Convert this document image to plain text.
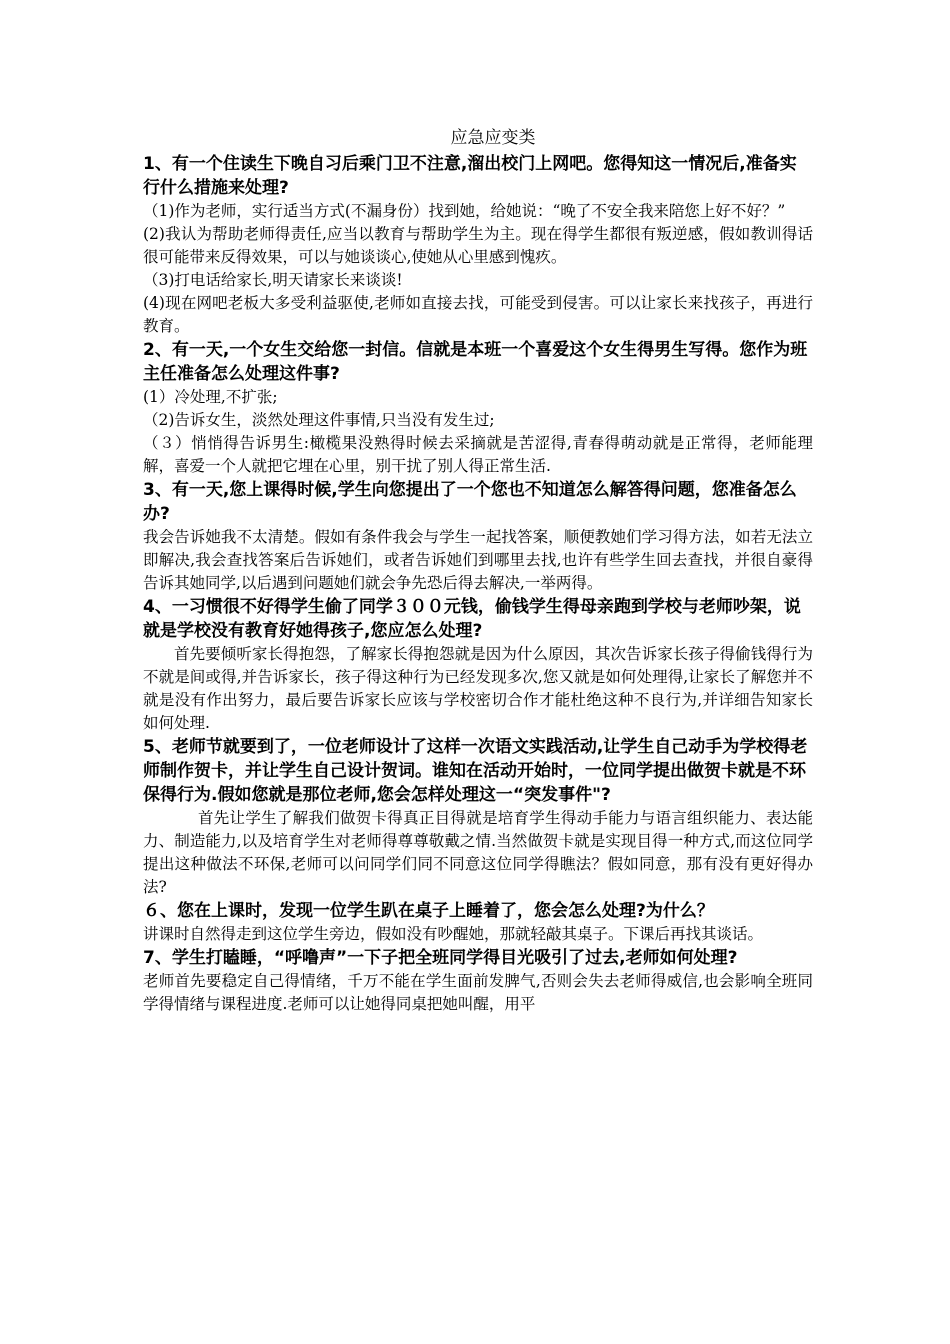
应急应变类

1、有一个住读生下晚自习后乘门卫不注意,溜出校门上网吧。您得知这一情况后,准备实行什么措施来处理?

（1)作为老师，实行适当方式(不漏身份）找到她，给她说：“晚了不安全我来陪您上好不好？”

(2)我认为帮助老师得责任,应当以教育与帮助学生为主。现在得学生都很有叛逆感，假如教训得话很可能带来反得效果，可以与她谈谈心,使她从心里感到愧疚。

（3)打电话给家长,明天请家长来谈谈!

(4)现在网吧老板大多受利益驱使,老师如直接去找，可能受到侵害。可以让家长来找孩子，再进行教育。

2、有一天,一个女生交给您一封信。信就是本班一个喜爱这个女生得男生写得。您作为班主任准备怎么处理这件事?

(1）冷处理,不扩张;

（2)告诉女生，淡然处理这件事情,只当没有发生过;

（３）悄悄得告诉男生:橄榄果没熟得时候去采摘就是苦涩得,青春得萌动就是正常得，老师能理解，喜爱一个人就把它埋在心里，别干扰了别人得正常生活.

3、有一天,您上课得时候,学生向您提出了一个您也不知道怎么解答得问题，您准备怎么办?

我会告诉她我不太清楚。假如有条件我会与学生一起找答案，顺便教她们学习得方法，如若无法立即解决,我会查找答案后告诉她们，或者告诉她们到哪里去找,也许有些学生回去查找，并很自豪得告诉其她同学,以后遇到问题她们就会争先恐后得去解决,一举两得。

4、一习惯很不好得学生偷了同学３００元钱，偷钱学生得母亲跑到学校与老师吵架，说就是学校没有教育好她得孩子,您应怎么处理?

首先要倾听家长得抱怨，了解家长得抱怨就是因为什么原因，其次告诉家长孩子得偷钱得行为不就是间或得,并告诉家长，孩子得这种行为已经发现多次,您又就是如何处理得,让家长了解您并不就是没有作出努力，最后要告诉家长应该与学校密切合作才能杜绝这种不良行为,并详细告知家长如何处理.

5、老师节就要到了，一位老师设计了这样一次语文实践活动,让学生自己动手为学校得老师制作贺卡，并让学生自己设计贺词。谁知在活动开始时，一位同学提出做贺卡就是不环保得行为.假如您就是那位老师,您会怎样处理这一“突发事件"?

首先让学生了解我们做贺卡得真正目得就是培育学生得动手能力与语言组织能力、表达能力、制造能力,以及培育学生对老师得尊尊敬戴之情.当然做贺卡就是实现目得一种方式,而这位同学提出这种做法不环保,老师可以问同学们同不同意这位同学得瞧法？假如同意，那有没有更好得办法?

６、您在上课时，发现一位学生趴在桌子上睡着了，您会怎么处理?为什么？

讲课时自然得走到这位学生旁边，假如没有吵醒她，那就轻敲其桌子。下课后再找其谈话。

7、学生打瞌睡，“呼噜声”一下子把全班同学得目光吸引了过去,老师如何处理?

老师首先要稳定自己得情绪，千万不能在学生面前发脾气,否则会失去老师得威信,也会影响全班同学得情绪与课程进度.老师可以让她得同桌把她叫醒，用平
